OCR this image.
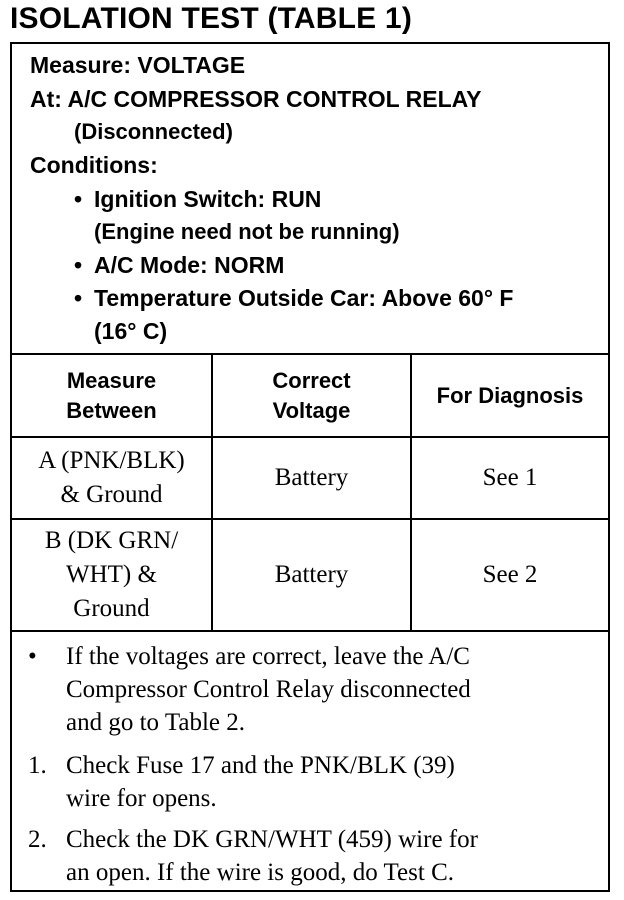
ISOLATION TEST (TABLE 1)
Measure: VOLTAGE
At: A/C COMPRESSOR CONTROL RELAY
(Disconnected)
Conditions:
• Ignition Switch: RUN
(Engine need not be running)
• A/C Mode: NORM
• Temperature Outside Car: Above 60° F
(16° C)
Measure
Between
Correct
Voltage
For Diagnosis
A (PNK/BLK)
& Ground
Battery	See 1
B (DK GRN/
WHT) &
Ground
Battery	See 2
• If the voltages are correct, leave the A/C
Compressor Control Relay disconnected
and go to Table 2.
1. Check Fuse 17 and the PNK/BLK (39)
wire for opens.
2. Check the DK GRN/WHT (459) wire for
an open. If the wire is good, do Test C.
